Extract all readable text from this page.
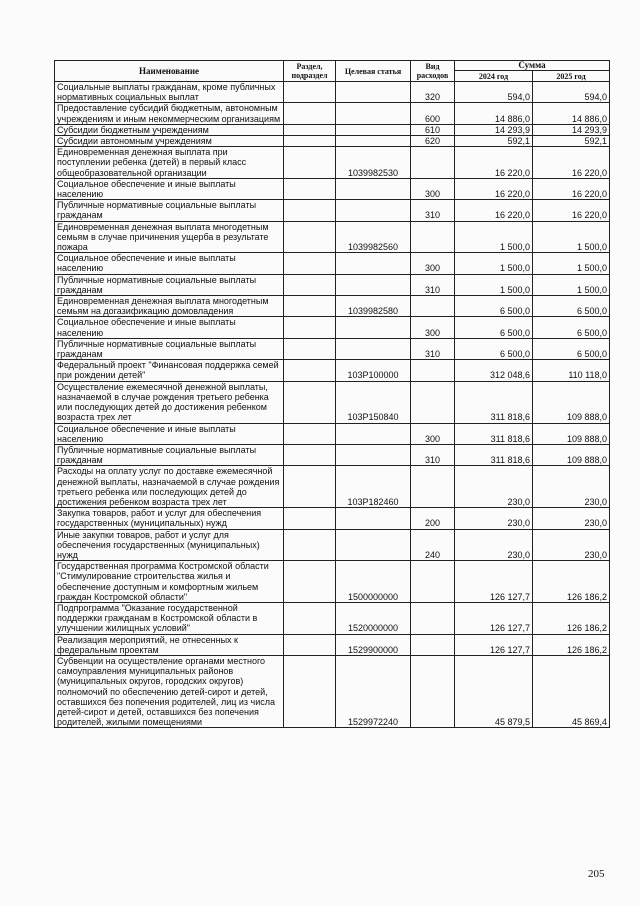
Наименование	Раздел, подраздел	Целевая статья	Вид расходов	Сумма	
				2024 год	2025 год
Социальные выплаты гражданам, кроме публичных нормативных социальных выплат			320	594,0	594,0
Предоставление субсидий бюджетным, автономным учреждениям и иным некоммерческим организациям			600	14 886,0	14 886,0
Субсидии бюджетным учреждениям			610	14 293,9	14 293,9
Субсидии автономным учреждениям			620	592,1	592,1
Единовременная денежная выплата при поступлении ребенка (детей) в первый класс общеобразовательной организации		1039982530		16 220,0	16 220,0
Социальное обеспечение и иные выплаты населению			300	16 220,0	16 220,0
Публичные нормативные социальные выплаты гражданам			310	16 220,0	16 220,0
Единовременная денежная выплата многодетным семьям в случае причинения ущерба в результате пожара		1039982560		1 500,0	1 500,0
Социальное обеспечение и иные выплаты населению			300	1 500,0	1 500,0
Публичные нормативные социальные выплаты гражданам			310	1 500,0	1 500,0
Единовременная денежная выплата многодетным семьям на догазификацию домовладения		1039982580		6 500,0	6 500,0
Социальное обеспечение и иные выплаты населению			300	6 500,0	6 500,0
Публичные нормативные социальные выплаты гражданам			310	6 500,0	6 500,0
Федеральный проект "Финансовая поддержка семей при рождении детей"		103P100000		312 048,6	110 118,0
Осуществление ежемесячной денежной выплаты, назначаемой в случае рождения третьего ребенка или последующих детей до достижения ребенком возраста трех лет		103P150840		311 818,6	109 888,0
Социальное обеспечение и иные выплаты населению			300	311 818,6	109 888,0
Публичные нормативные социальные выплаты гражданам			310	311 818,6	109 888,0
Расходы на оплату услуг по доставке ежемесячной денежной выплаты, назначаемой в случае рождения третьего ребенка или последующих детей до достижения ребенком возраста трех лет		103P182460		230,0	230,0
Закупка товаров, работ и услуг для обеспечения государственных (муниципальных) нужд			200	230,0	230,0
Иные закупки товаров, работ и услуг для обеспечения государственных (муниципальных) нужд			240	230,0	230,0
Государственная программа Костромской области "Стимулирование строительства жилья и обеспечение доступным и комфортным жильем граждан Костромской области"		1500000000		126 127,7	126 186,2
Подпрограмма "Оказание государственной поддержки гражданам в Костромской области в улучшении жилищных условий"		1520000000		126 127,7	126 186,2
Реализация мероприятий, не отнесенных к федеральным проектам		1529900000		126 127,7	126 186,2
Субвенции на осуществление органами местного самоуправления муниципальных районов (муниципальных округов, городских округов) полномочий по обеспечению детей-сирот и детей, оставшихся без попечения родителей, лиц из числа детей-сирот и детей, оставшихся без попечения родителей, жилыми помещениями		1529972240		45 879,5	45 869,4
205
